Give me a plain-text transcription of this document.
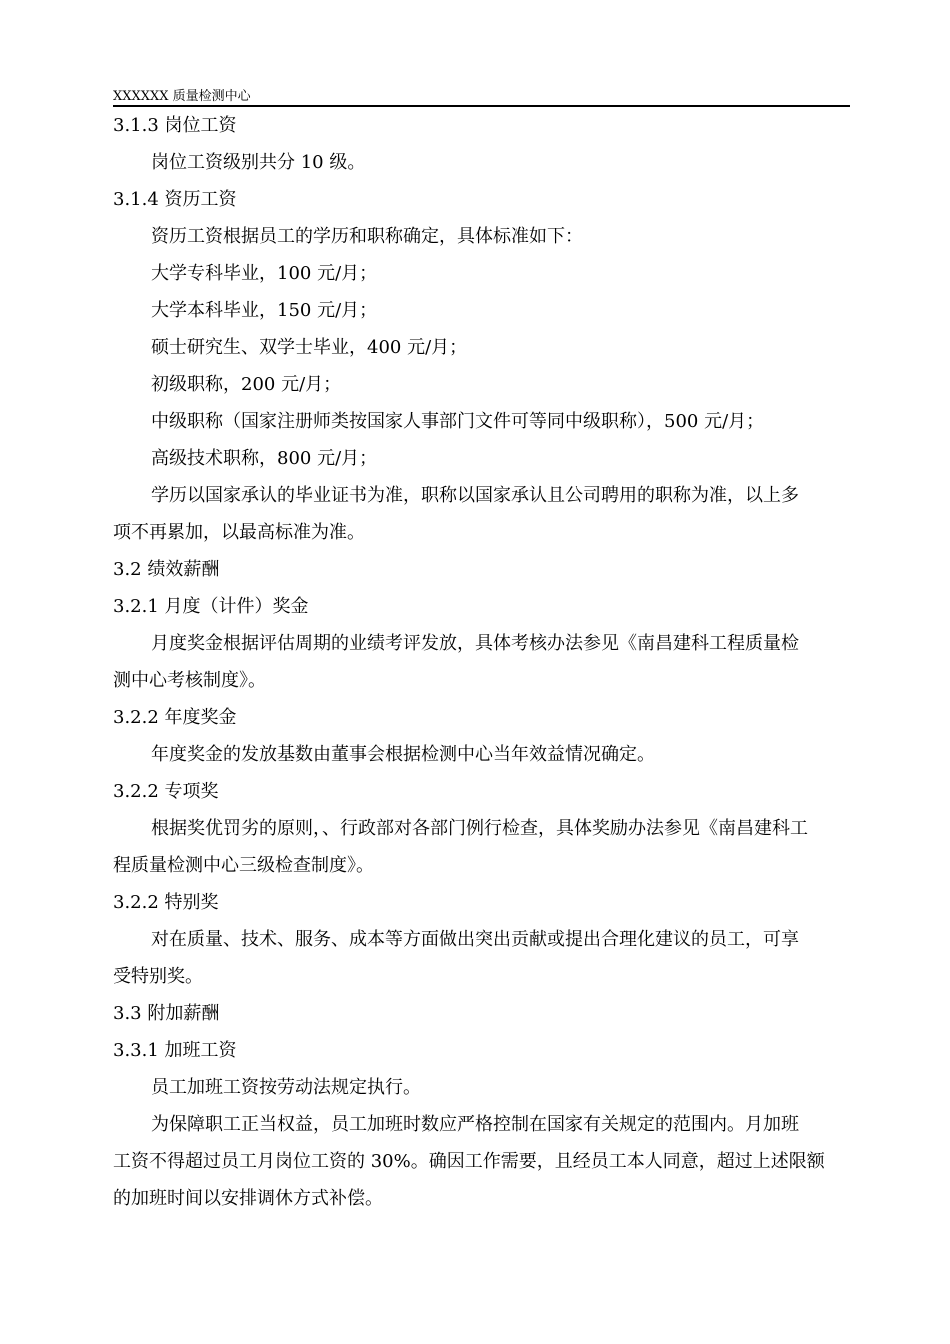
XXXXXX 质量检测中心
3.1.3 岗位工资
岗位工资级别共分 10 级。
3.1.4 资历工资
资历工资根据员工的学历和职称确定，具体标准如下：
大学专科毕业，100 元/月；
大学本科毕业，150 元/月；
硕士研究生、双学士毕业，400 元/月；
初级职称，200 元/月；
中级职称（国家注册师类按国家人事部门文件可等同中级职称），500 元/月；
高级技术职称，800 元/月；
学历以国家承认的毕业证书为准，职称以国家承认且公司聘用的职称为准，以上多
项不再累加，以最高标准为准。
3.2 绩效薪酬
3.2.1 月度（计件）奖金
月度奖金根据评估周期的业绩考评发放，具体考核办法参见《南昌建科工程质量检
测中心考核制度》。
3.2.2 年度奖金
年度奖金的发放基数由董事会根据检测中心当年效益情况确定。
3.2.2 专项奖
根据奖优罚劣的原则，、行政部对各部门例行检查，具体奖励办法参见《南昌建科工
程质量检测中心三级检查制度》。
3.2.2 特别奖
对在质量、技术、服务、成本等方面做出突出贡献或提出合理化建议的员工，可享
受特别奖。
3.3 附加薪酬
3.3.1 加班工资
员工加班工资按劳动法规定执行。
为保障职工正当权益，员工加班时数应严格控制在国家有关规定的范围内。月加班
工资不得超过员工月岗位工资的 30%。确因工作需要，且经员工本人同意，超过上述限额
的加班时间以安排调休方式补偿。
